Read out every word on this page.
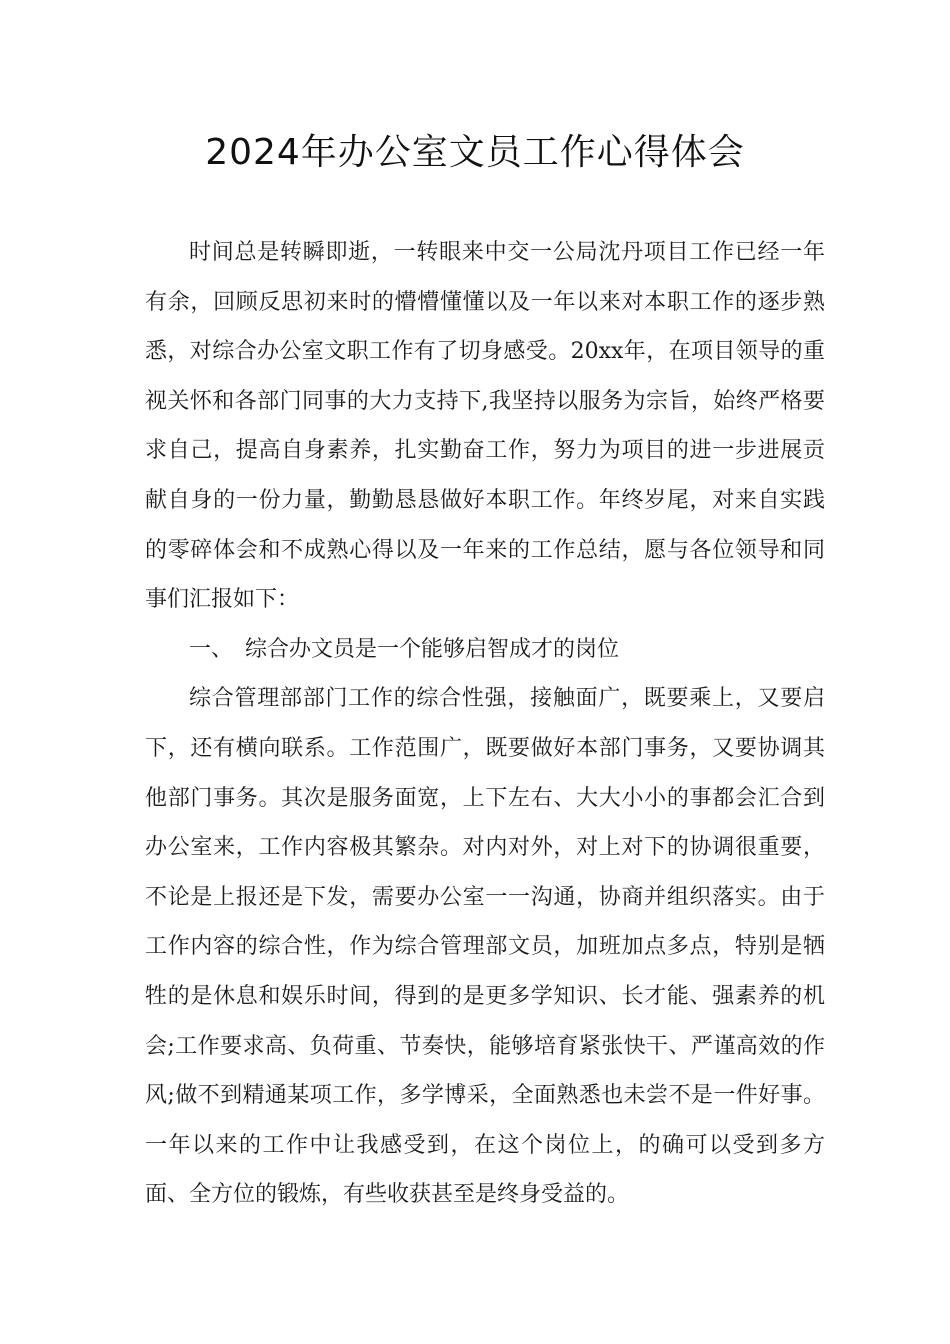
2024年办公室文员工作心得体会

时间总是转瞬即逝，一转眼来中交一公局沈丹项目工作已经一年有余，回顾反思初来时的懵懵懂懂以及一年以来对本职工作的逐步熟悉，对综合办公室文职工作有了切身感受。20xx年，在项目领导的重视关怀和各部门同事的大力支持下,我坚持以服务为宗旨，始终严格要求自己，提高自身素养，扎实勤奋工作，努力为项目的进一步进展贡献自身的一份力量，勤勤恳恳做好本职工作。年终岁尾，对来自实践的零碎体会和不成熟心得以及一年来的工作总结，愿与各位领导和同事们汇报如下：

一、 综合办文员是一个能够启智成才的岗位

综合管理部部门工作的综合性强，接触面广，既要乘上，又要启下，还有横向联系。工作范围广，既要做好本部门事务，又要协调其他部门事务。其次是服务面宽，上下左右、大大小小的事都会汇合到办公室来，工作内容极其繁杂。对内对外，对上对下的协调很重要，不论是上报还是下发，需要办公室一一沟通，协商并组织落实。由于工作内容的综合性，作为综合管理部文员，加班加点多点，特别是牺牲的是休息和娱乐时间，得到的是更多学知识、长才能、强素养的机会;工作要求高、负荷重、节奏快，能够培育紧张快干、严谨高效的作风;做不到精通某项工作，多学博采，全面熟悉也未尝不是一件好事。一年以来的工作中让我感受到，在这个岗位上，的确可以受到多方面、全方位的锻炼，有些收获甚至是终身受益的。
